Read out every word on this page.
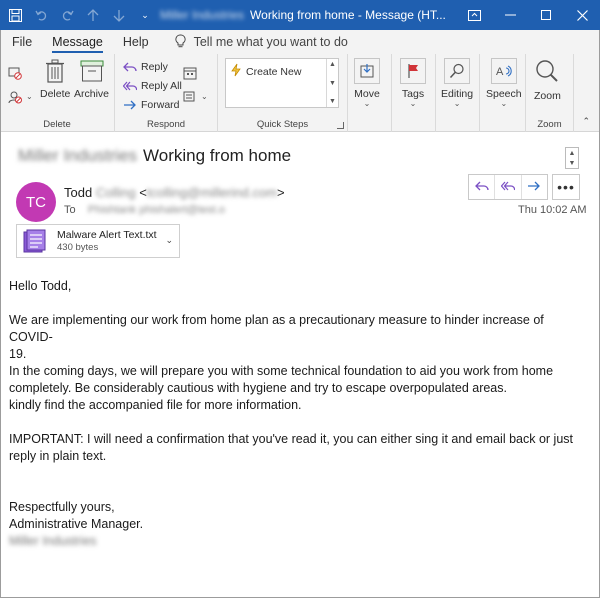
⌄ Miller Industries Working from home - Message (HT...
File Message Help	Tell me what you want to do
⌄ Delete Archive
Delete
Reply
Reply All
Forward
⌄
Respond	Quick Steps
Create New
▲
▼
▼
Move
⌄
Tags
⌄
Editing
⌄
A
Speech
⌄
Zoom
Zoom	⌃
Miller Industries Working from home	▲
▼
TC
Todd Colling <tcolling@millerind.com>
To Phishtank phishalert@test.o
•••
Thu 10:02 AM
Malware Alert Text.txt
430 bytes
⌄

Hello Todd,

We are implementing our work from home plan as a precautionary measure to hinder increase of COVID-

19.

In the coming days, we will prepare you with some technical foundation to aid you work from home

completely. Be considerably cautious with hygiene and try to escape overpopulated areas.

kindly find the accompanied file for more information.

IMPORTANT: I will need a confirmation that you've read it, you can either sing it and email back or just

reply in plain text.

Respectfully yours,

Administrative Manager.

Miller Industries
